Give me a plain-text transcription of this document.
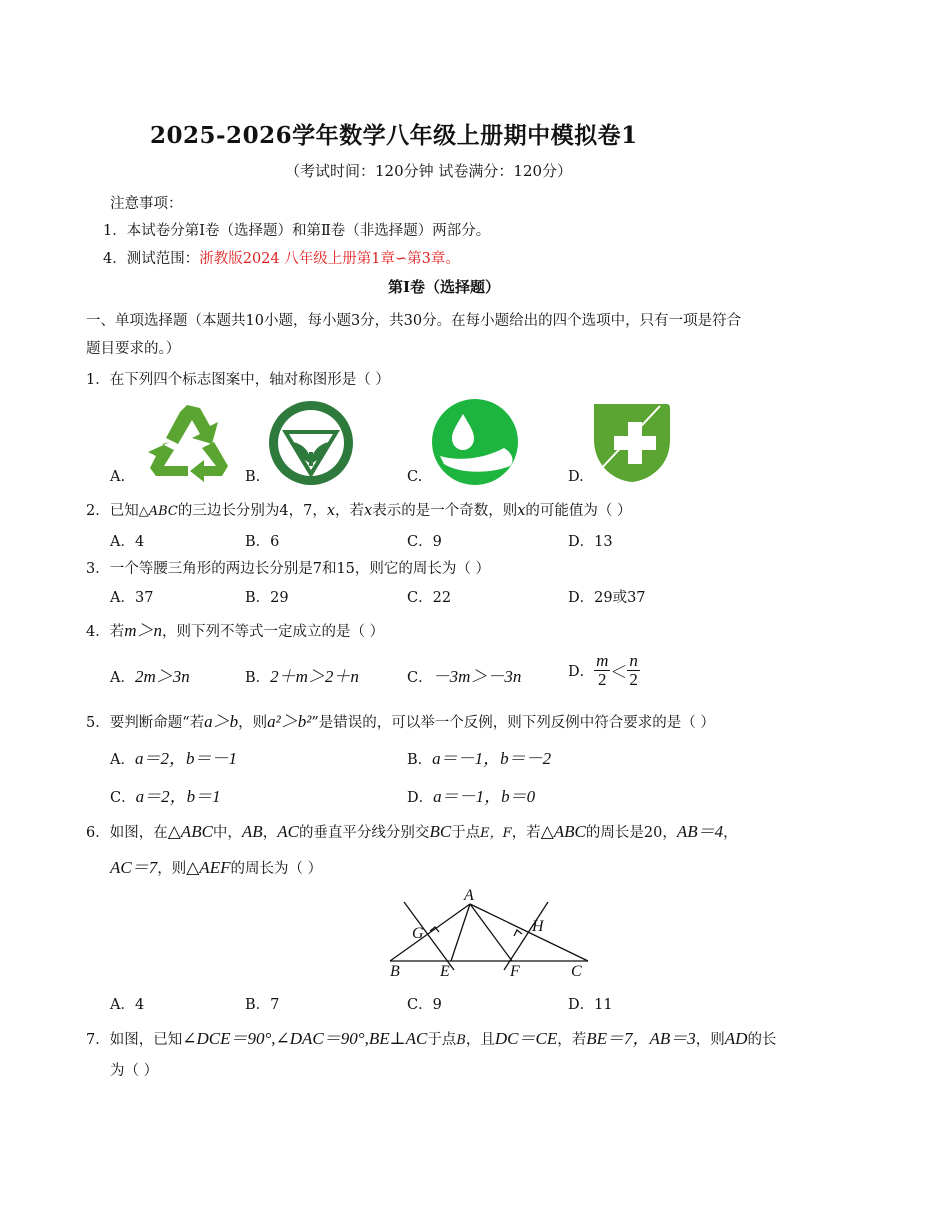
2025-2026学年数学八年级上册期中模拟卷1
（考试时间：120分钟 试卷满分：120分）
注意事项：
1．本试卷分第Ⅰ卷（选择题）和第Ⅱ卷（非选择题）两部分。
4．测试范围：浙教版2024 八年级上册第1章∽第3章。
第Ⅰ卷（选择题）
一、单项选择题（本题共10小题，每小题3分，共30分。在每小题给出的四个选项中，只有一项是符合
题目要求的。）
1．在下列四个标志图案中，轴对称图形是（ ）
A.	B.	C.	D.
2．已知△ABC的三边长分别为4，7，x，若x表示的是一个奇数，则x的可能值为（ ）
A．4	B．6	C．9	D．13
3．一个等腰三角形的两边长分别是7和15，则它的周长为（ ）
A．37	B．29	C．22	D．29或37
4．若m＞n，则下列不等式一定成立的是（ ）
A．2m＞3n	B．2＋m＞2＋n	C．－3m＞－3n	D． $\frac{m}{2} < \frac{n}{2}$
5．要判断命题“若a＞b，则a²＞b²”是错误的，可以举一个反例，则下列反例中符合要求的是（ ）
A．a＝2，b＝－1	B．a＝－1，b＝－2
C．a＝2，b＝1	D．a＝－1，b＝0
6．如图，在△ABC中，AB，AC的垂直平分线分别交BC于点E，F，若△ABC的周长是20，AB＝4，
AC＝7，则△AEF的周长为（ ）
A
G	H
B	E	F	C
A．4	B．7	C．9	D．11
7．如图，已知∠DCE＝90°,∠DAC＝90°,BE⊥AC于点B，且DC＝CE，若BE＝7，AB＝3，则AD的长
为（ ）
